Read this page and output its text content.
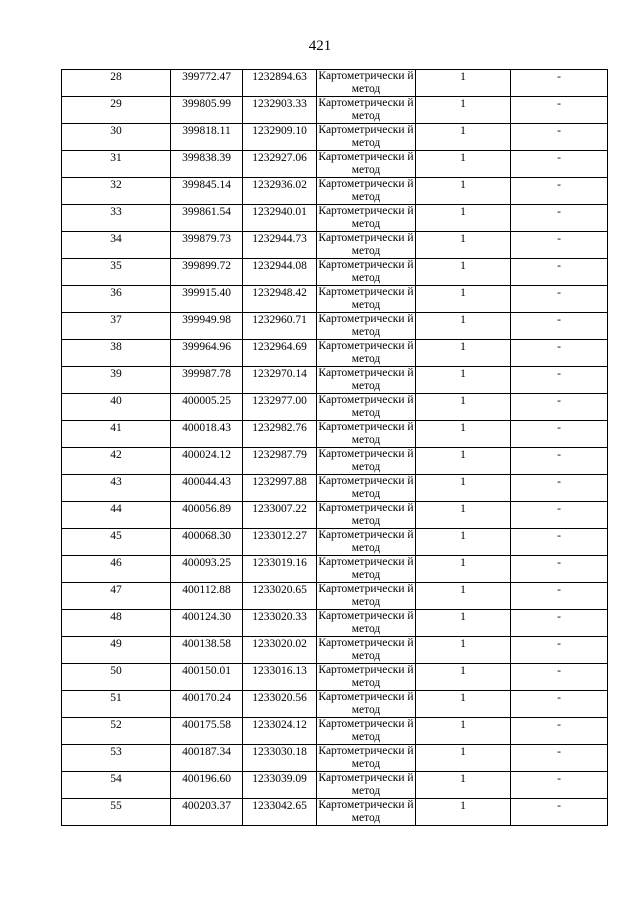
421
28	399772.47	1232894.63	Картометрически й метод	1	-

29	399805.99	1232903.33	Картометрически й метод	1	-

30	399818.11	1232909.10	Картометрически й метод	1	-

31	399838.39	1232927.06	Картометрически й метод	1	-

32	399845.14	1232936.02	Картометрически й метод	1	-

33	399861.54	1232940.01	Картометрически й метод	1	-

34	399879.73	1232944.73	Картометрически й метод	1	-

35	399899.72	1232944.08	Картометрически й метод	1	-

36	399915.40	1232948.42	Картометрически й метод	1	-

37	399949.98	1232960.71	Картометрически й метод	1	-

38	399964.96	1232964.69	Картометрически й метод	1	-

39	399987.78	1232970.14	Картометрически й метод	1	-

40	400005.25	1232977.00	Картометрически й метод	1	-

41	400018.43	1232982.76	Картометрически й метод	1	-

42	400024.12	1232987.79	Картометрически й метод	1	-

43	400044.43	1232997.88	Картометрически й метод	1	-

44	400056.89	1233007.22	Картометрически й метод	1	-

45	400068.30	1233012.27	Картометрически й метод	1	-

46	400093.25	1233019.16	Картометрически й метод	1	-

47	400112.88	1233020.65	Картометрически й метод	1	-

48	400124.30	1233020.33	Картометрически й метод	1	-

49	400138.58	1233020.02	Картометрически й метод	1	-

50	400150.01	1233016.13	Картометрически й метод	1	-

51	400170.24	1233020.56	Картометрически й метод	1	-

52	400175.58	1233024.12	Картометрически й метод	1	-

53	400187.34	1233030.18	Картометрически й метод	1	-

54	400196.60	1233039.09	Картометрически й метод	1	-

55	400203.37	1233042.65	Картометрически й метод	1	-
